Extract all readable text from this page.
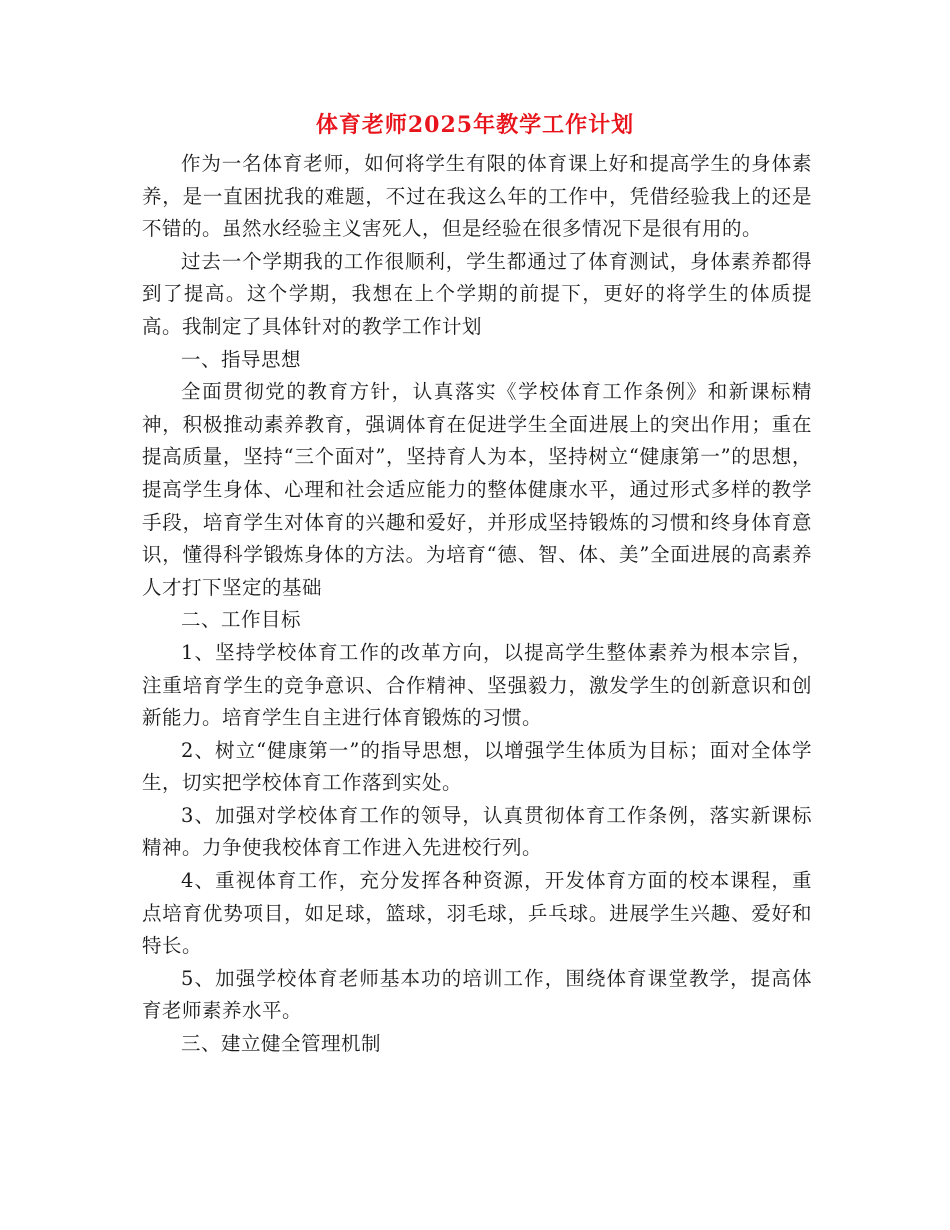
体育老师2025年教学工作计划

作为一名体育老师，如何将学生有限的体育课上好和提高学生的身体素养，是一直困扰我的难题，不过在我这么年的工作中，凭借经验我上的还是不错的。虽然水经验主义害死人，但是经验在很多情况下是很有用的。

过去一个学期我的工作很顺利，学生都通过了体育测试，身体素养都得到了提高。这个学期，我想在上个学期的前提下，更好的将学生的体质提高。我制定了具体针对的教学工作计划

一、指导思想

全面贯彻党的教育方针，认真落实《学校体育工作条例》和新课标精神，积极推动素养教育，强调体育在促进学生全面进展上的突出作用；重在提高质量，坚持“三个面对”，坚持育人为本，坚持树立“健康第一”的思想，提高学生身体、心理和社会适应能力的整体健康水平，通过形式多样的教学手段，培育学生对体育的兴趣和爱好，并形成坚持锻炼的习惯和终身体育意识，懂得科学锻炼身体的方法。为培育“德、智、体、美”全面进展的高素养人才打下坚定的基础

二、工作目标

1、坚持学校体育工作的改革方向，以提高学生整体素养为根本宗旨，注重培育学生的竞争意识、合作精神、坚强毅力，激发学生的创新意识和创新能力。培育学生自主进行体育锻炼的习惯。

2、树立“健康第一”的指导思想，以增强学生体质为目标；面对全体学生，切实把学校体育工作落到实处。

3、加强对学校体育工作的领导，认真贯彻体育工作条例，落实新课标精神。力争使我校体育工作进入先进校行列。

4、重视体育工作，充分发挥各种资源，开发体育方面的校本课程，重点培育优势项目，如足球，篮球，羽毛球，乒乓球。进展学生兴趣、爱好和特长。

5、加强学校体育老师基本功的培训工作，围绕体育课堂教学，提高体育老师素养水平。

三、建立健全管理机制
